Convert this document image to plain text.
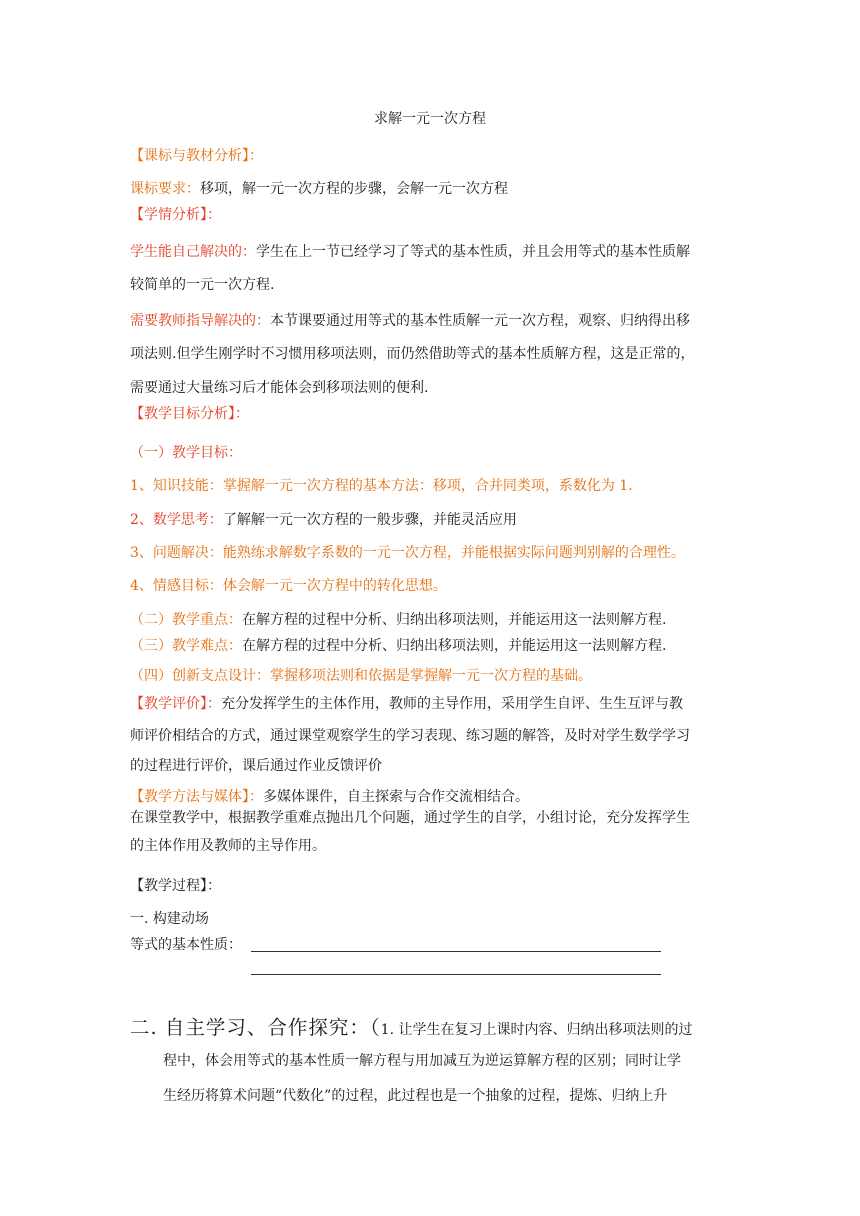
求解一元一次方程
【课标与教材分析】：
课标要求：移项，解一元一次方程的步骤，会解一元一次方程
【学情分析】：
学生能自己解决的：学生在上一节已经学习了等式的基本性质，并且会用等式的基本性质解
较简单的一元一次方程.
需要教师指导解决的：本节课要通过用等式的基本性质解一元一次方程，观察、归纳得出移
项法则.但学生刚学时不习惯用移项法则，而仍然借助等式的基本性质解方程，这是正常的，
需要通过大量练习后才能体会到移项法则的便利.
【教学目标分析】：
（一）教学目标：
1、知识技能：掌握解一元一次方程的基本方法：移项，合并同类项，系数化为 1.
2、数学思考：了解解一元一次方程的一般步骤，并能灵活应用
3、问题解决：能熟练求解数字系数的一元一次方程，并能根据实际问题判别解的合理性。
4、情感目标：体会解一元一次方程中的转化思想。
（二）教学重点：在解方程的过程中分析、归纳出移项法则，并能运用这一法则解方程.
（三）教学难点：在解方程的过程中分析、归纳出移项法则，并能运用这一法则解方程.
（四）创新支点设计：掌握移项法则和依据是掌握解一元一次方程的基础。
【教学评价】：充分发挥学生的主体作用，教师的主导作用，采用学生自评、生生互评与教
师评价相结合的方式，通过课堂观察学生的学习表现、练习题的解答，及时对学生数学学习
的过程进行评价，课后通过作业反馈评价
【教学方法与媒体】：多媒体课件，自主探索与合作交流相结合。
在课堂教学中，根据教学重难点抛出几个问题，通过学生的自学，小组讨论，充分发挥学生
的主体作用及教师的主导作用。
【教学过程】：
一. 构建动场
等式的基本性质：
二. 自主学习、合作探究：（1. 让学生在复习上课时内容、归纳出移项法则的过
程中，体会用等式的基本性质一解方程与用加减互为逆运算解方程的区别；同时让学
生经历将算术问题“代数化”的过程，此过程也是一个抽象的过程，提炼、归纳上升
